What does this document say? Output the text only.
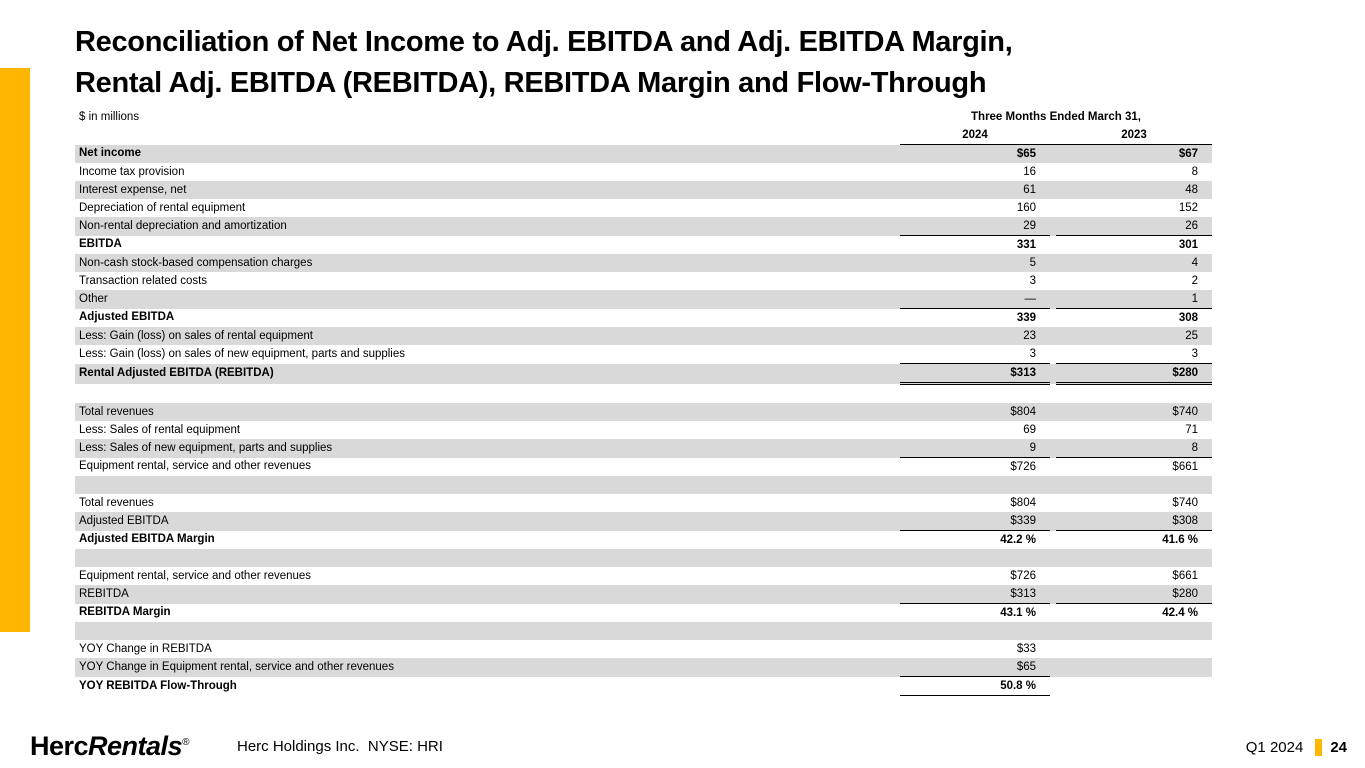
Reconciliation of Net Income to Adj. EBITDA and Adj. EBITDA Margin,
Rental Adj. EBITDA (REBITDA), REBITDA Margin and Flow-Through
$ in millions	Three Months Ended March 31,		
	2024		2023
Net income	$65		$67
Income tax provision	16		8
Interest expense, net	61		48
Depreciation of rental equipment	160		152
Non-rental depreciation and amortization	29		26
EBITDA	331		301
Non-cash stock-based compensation charges	5		4
Transaction related costs	3		2
Other	—		1
Adjusted EBITDA	339		308
Less: Gain (loss) on sales of rental equipment	23		25
Less: Gain (loss) on sales of new equipment, parts and supplies	3		3
Rental Adjusted EBITDA (REBITDA)	$313		$280

Total revenues	$804		$740
Less: Sales of rental equipment	69		71
Less: Sales of new equipment, parts and supplies	9		8
Equipment rental, service and other revenues	$726		$661

Total revenues	$804		$740
Adjusted EBITDA	$339		$308
Adjusted EBITDA Margin	42.2 %		41.6 %

Equipment rental, service and other revenues	$726		$661
REBITDA	$313		$280
REBITDA Margin	43.1 %		42.4 %

YOY Change in REBITDA	$33		
YOY Change in Equipment rental, service and other revenues	$65		
YOY REBITDA Flow-Through	50.8 %		
HercRentals®	Herc Holdings Inc.  NYSE: HRI	Q1 2024 24
